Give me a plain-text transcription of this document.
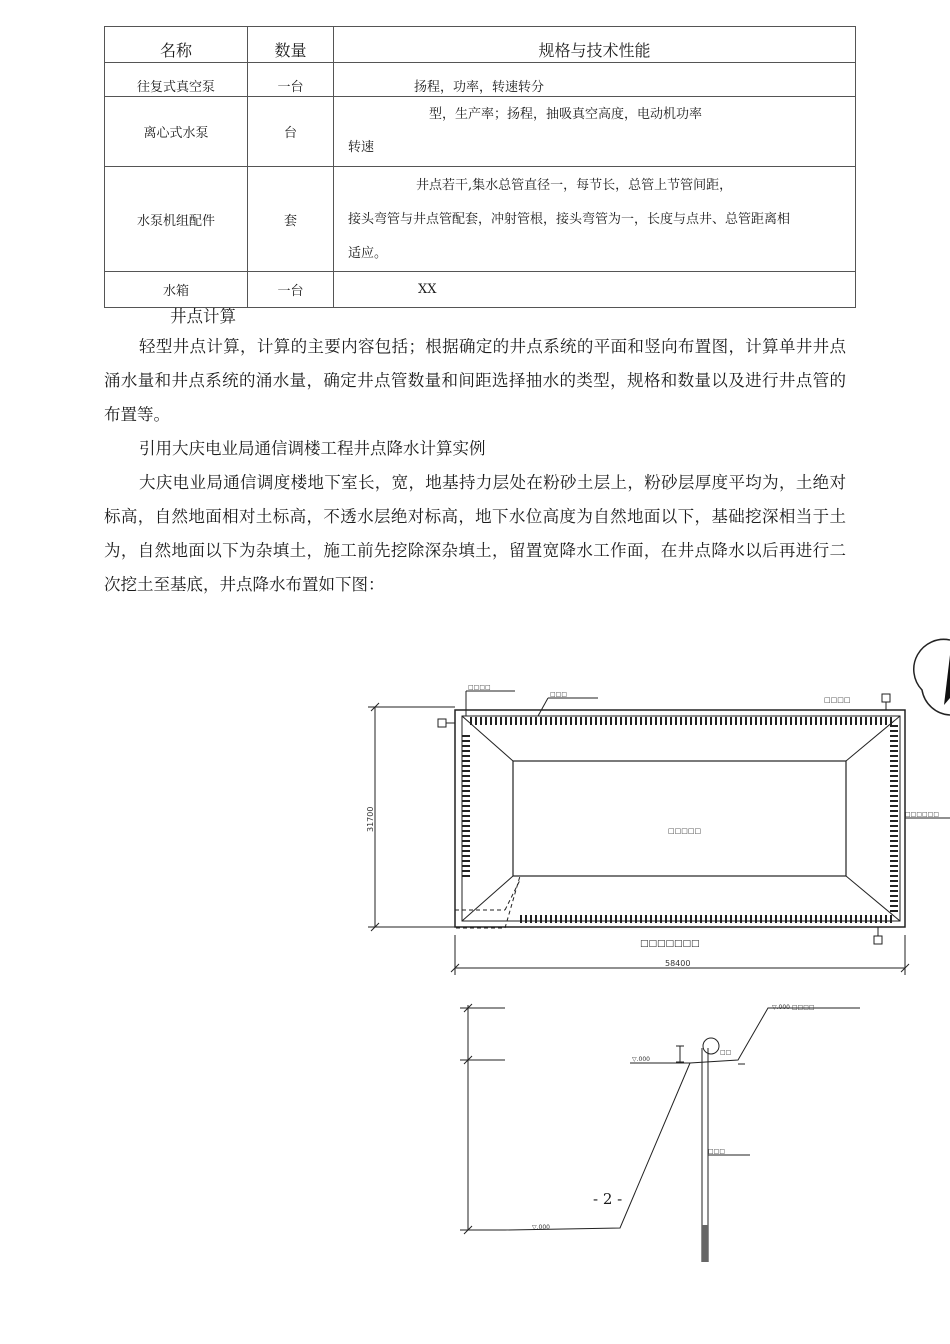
名称	数量	规格与技术性能
往复式真空泵	一台	扬程，功率，转速转分
离心式水泵	台	型，生产率；扬程，抽吸真空高度，电动机功率
转速

水泵机组配件	套	井点若干,集水总管直径一，每节长，总管上节管间距，
接头弯管与井点管配套，冲射管根，接头弯管为一，长度与点井、总管距离相
适应。

水箱	一台	XX
井点计算
轻型井点计算，计算的主要内容包括；根据确定的井点系统的平面和竖向布置图，计算单井井点涌水量和井点系统的涌水量，确定井点管数量和间距选择抽水的类型，规格和数量以及进行井点管的布置等。
引用大庆电业局通信调楼工程井点降水计算实例
大庆电业局通信调度楼地下室长，宽，地基持力层处在粉砂土层上，粉砂层厚度平均为，土绝对标高，自然地面相对土标高，不透水层绝对标高，地下水位高度为自然地面以下，基础挖深相当于土为，自然地面以下为杂填土，施工前先挖除深杂填土，留置宽降水工作面，在井点降水以后再进行二次挖土至基底，井点降水布置如下图：
□□□□
□□□
□□□□
□□□□□□
□□□□□
□□□□□□□
31700
58400
▽.000 □□□□
▽.000
□□
□□□
▽.000
- 2 -
